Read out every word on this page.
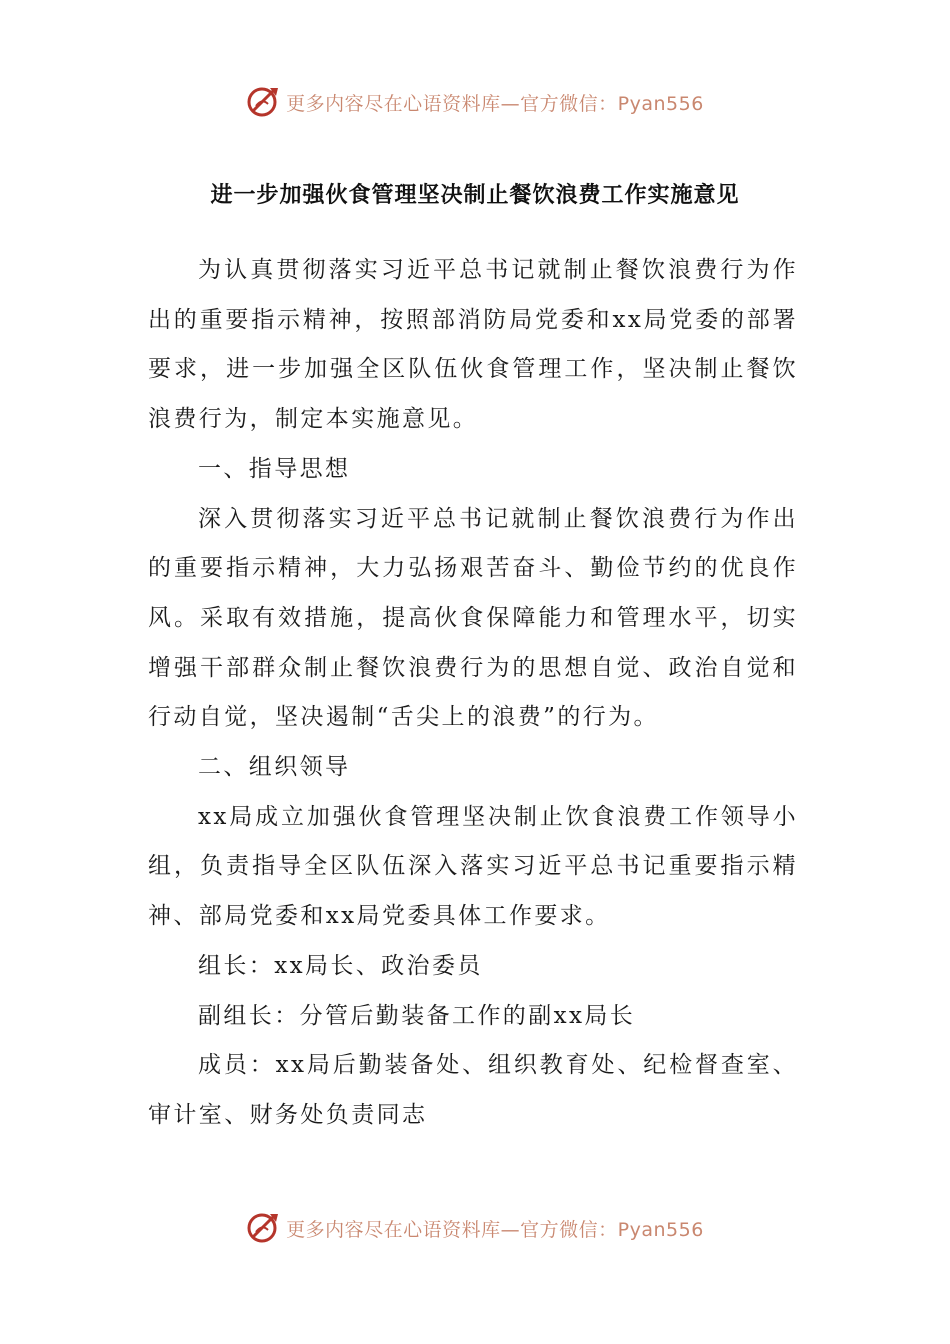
更多内容尽在心语资料库—官方微信：Pyan556
进一步加强伙食管理坚决制止餐饮浪费工作实施意见

为认真贯彻落实习近平总书记就制止餐饮浪费行为作出的重要指示精神，按照部消防局党委和xx局党委的部署要求，进一步加强全区队伍伙食管理工作，坚决制止餐饮浪费行为，制定本实施意见。

一、指导思想

深入贯彻落实习近平总书记就制止餐饮浪费行为作出的重要指示精神，大力弘扬艰苦奋斗、勤俭节约的优良作风。采取有效措施，提高伙食保障能力和管理水平，切实增强干部群众制止餐饮浪费行为的思想自觉、政治自觉和行动自觉，坚决遏制“舌尖上的浪费”的行为。

二、组织领导

xx局成立加强伙食管理坚决制止饮食浪费工作领导小组，负责指导全区队伍深入落实习近平总书记重要指示精神、部局党委和xx局党委具体工作要求。

组长：xx局长、政治委员

副组长：分管后勤装备工作的副xx局长

成员：xx局后勤装备处、组织教育处、纪检督查室、审计室、财务处负责同志

更多内容尽在心语资料库—官方微信：Pyan556
